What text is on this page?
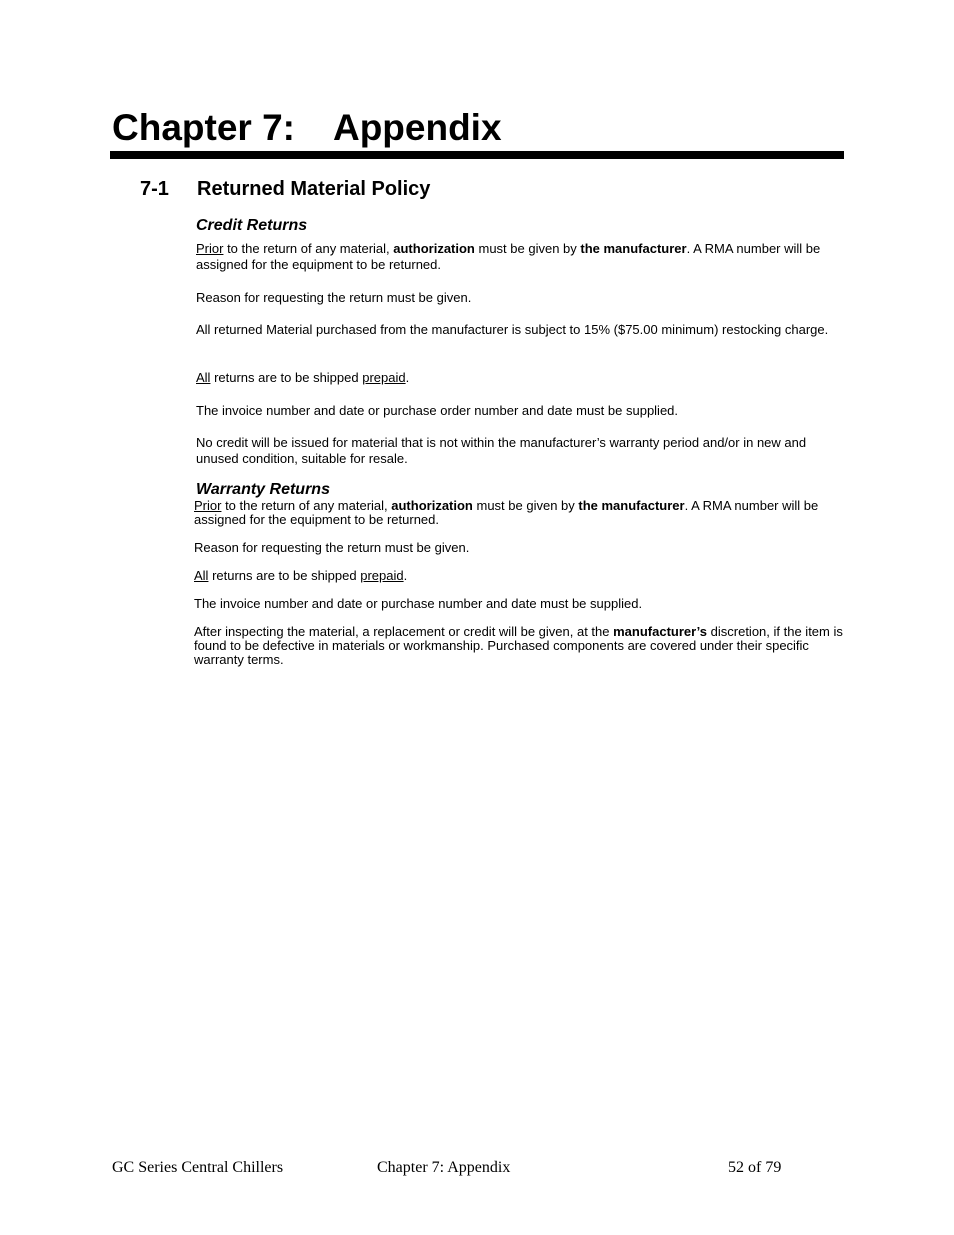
Chapter 7: Appendix
7-1 Returned Material Policy
Credit Returns

Prior to the return of any material, authorization must be given by the manufacturer. A RMA number will be assigned for the equipment to be returned.

Reason for requesting the return must be given.

All returned Material purchased from the manufacturer is subject to 15% ($75.00 minimum) restocking charge.

All returns are to be shipped prepaid.

The invoice number and date or purchase order number and date must be supplied.

No credit will be issued for material that is not within the manufacturer’s warranty period and/or in new and unused condition, suitable for resale.

Warranty Returns

Prior to the return of any material, authorization must be given by the manufacturer. A RMA number will be assigned for the equipment to be returned.

Reason for requesting the return must be given.

All returns are to be shipped prepaid.

The invoice number and date or purchase number and date must be supplied.

After inspecting the material, a replacement or credit will be given, at the manufacturer’s discretion, if the item is found to be defective in materials or workmanship. Purchased components are covered under their specific warranty terms.

GC Series Central Chillers	Chapter 7: Appendix	52 of 79
